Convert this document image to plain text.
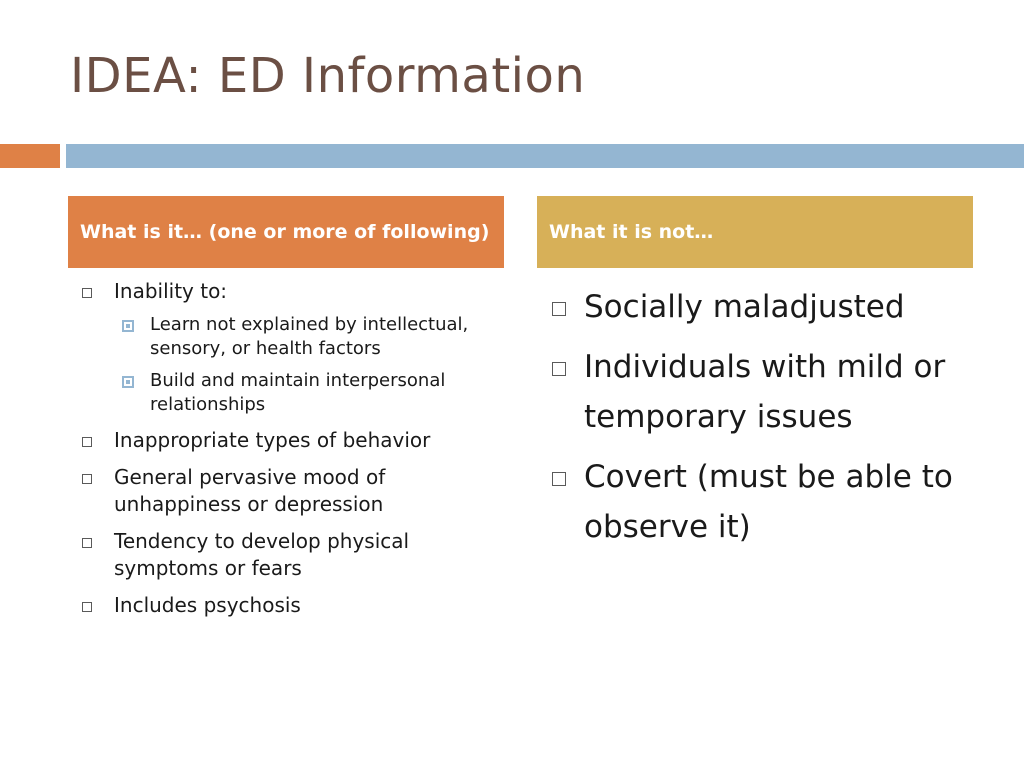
IDEA: ED Information
What is it… (one or more of following)	What it is not…
Inability to:
Learn not explained by intellectual, sensory, or health factors
Build and maintain interpersonal relationships
Inappropriate types of behavior
General pervasive mood of unhappiness or depression
Tendency to develop physical symptoms or fears
Includes psychosis
Socially maladjusted
Individuals with mild or temporary issues
Covert (must be able to observe it)
